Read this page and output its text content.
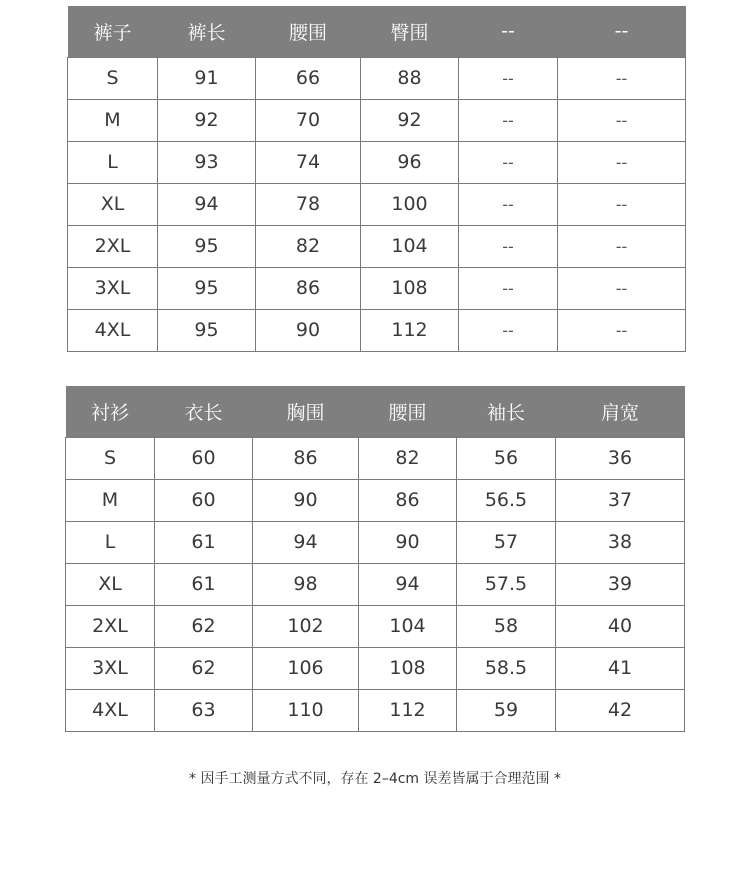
裤子	裤长	腰围	臀围	--	--
S	91	66	88	--	--
M	92	70	92	--	--
L	93	74	96	--	--
XL	94	78	100	--	--
2XL	95	82	104	--	--
3XL	95	86	108	--	--
4XL	95	90	112	--	--
衬衫	衣长	胸围	腰围	袖长	肩宽
S	60	86	82	56	36
M	60	90	86	56.5	37
L	61	94	90	57	38
XL	61	98	94	57.5	39
2XL	62	102	104	58	40
3XL	62	106	108	58.5	41
4XL	63	110	112	59	42
* 因手工测量方式不同，存在 2–4cm 误差皆属于合理范围 *
